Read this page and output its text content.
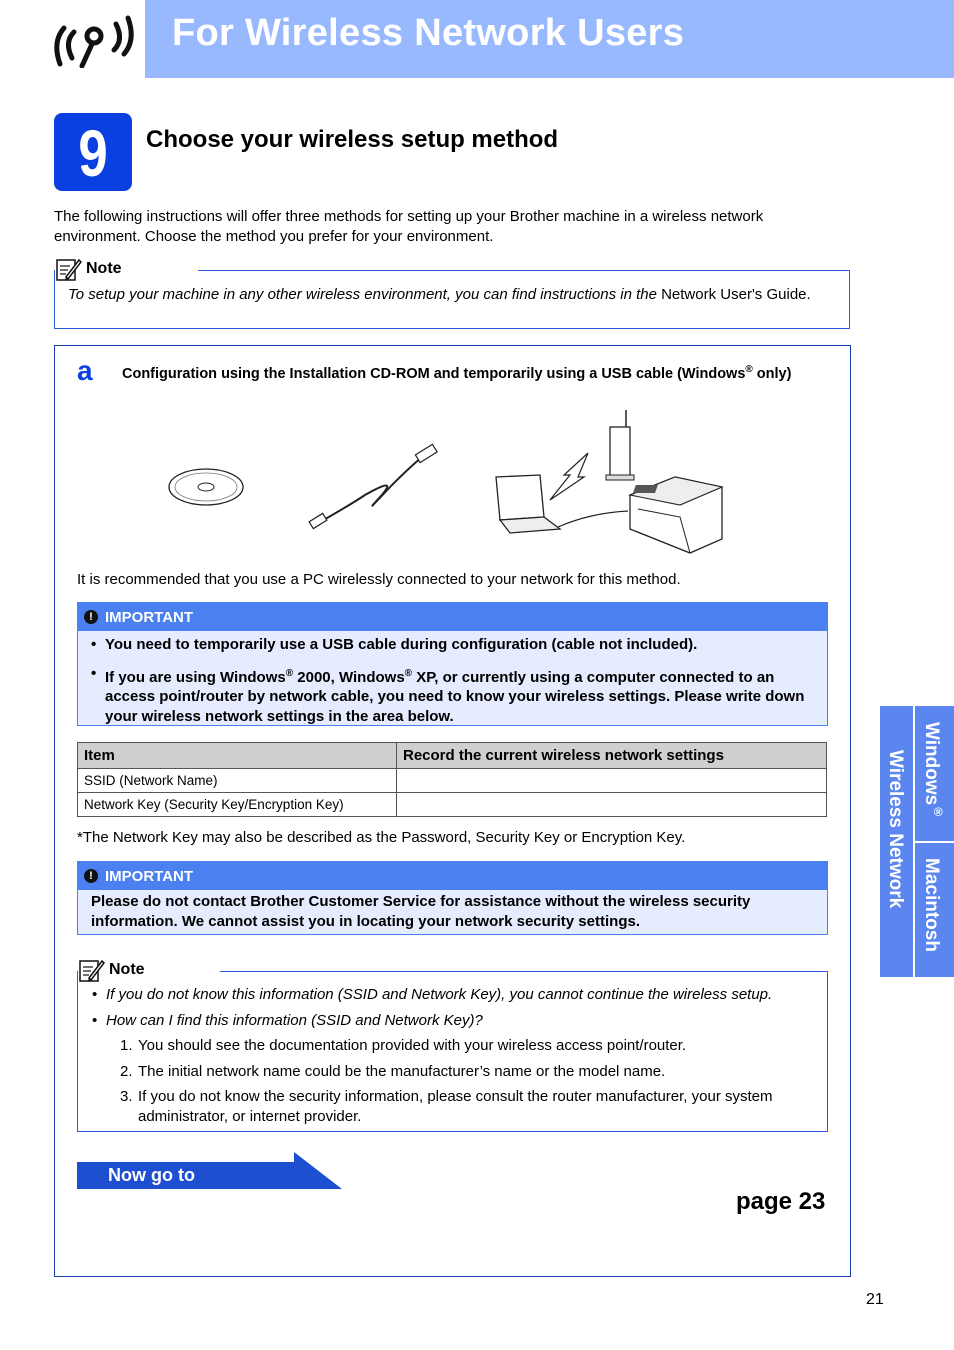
For Wireless Network Users
9	Choose your wireless setup method

The following instructions will offer three methods for setting up your Brother machine in a wireless network environment. Choose the method you prefer for your environment.

Note
To setup your machine in any other wireless environment, you can find instructions in the Network User's Guide.
a Configuration using the Installation CD-ROM and temporarily using a USB cable (Windows® only)
It is recommended that you use a PC wirelessly connected to your network for this method.
! IMPORTANT
• You need to temporarily use a USB cable during configuration (cable not included).
• If you are using Windows® 2000, Windows® XP, or currently using a computer connected to an access point/router by network cable, you need to know your wireless settings. Please write down your wireless network settings in the area below.
Item	Record the current wireless network settings
SSID (Network Name)	
Network Key (Security Key/Encryption Key)	
*The Network Key may also be described as the Password, Security Key or Encryption Key.
! IMPORTANT
Please do not contact Brother Customer Service for assistance without the wireless security information. We cannot assist you in locating your network security settings.
Note
• If you do not know this information (SSID and Network Key), you cannot continue the wireless setup.
• How can I find this information (SSID and Network Key)?
1. You should see the documentation provided with your wireless access point/router.
2. The initial network name could be the manufacturer’s name or the model name.
3. If you do not know the security information, please consult the router manufacturer, your system administrator, or internet provider.
Now go to
page 23
Windows®
Macintosh
Wireless Network
21
